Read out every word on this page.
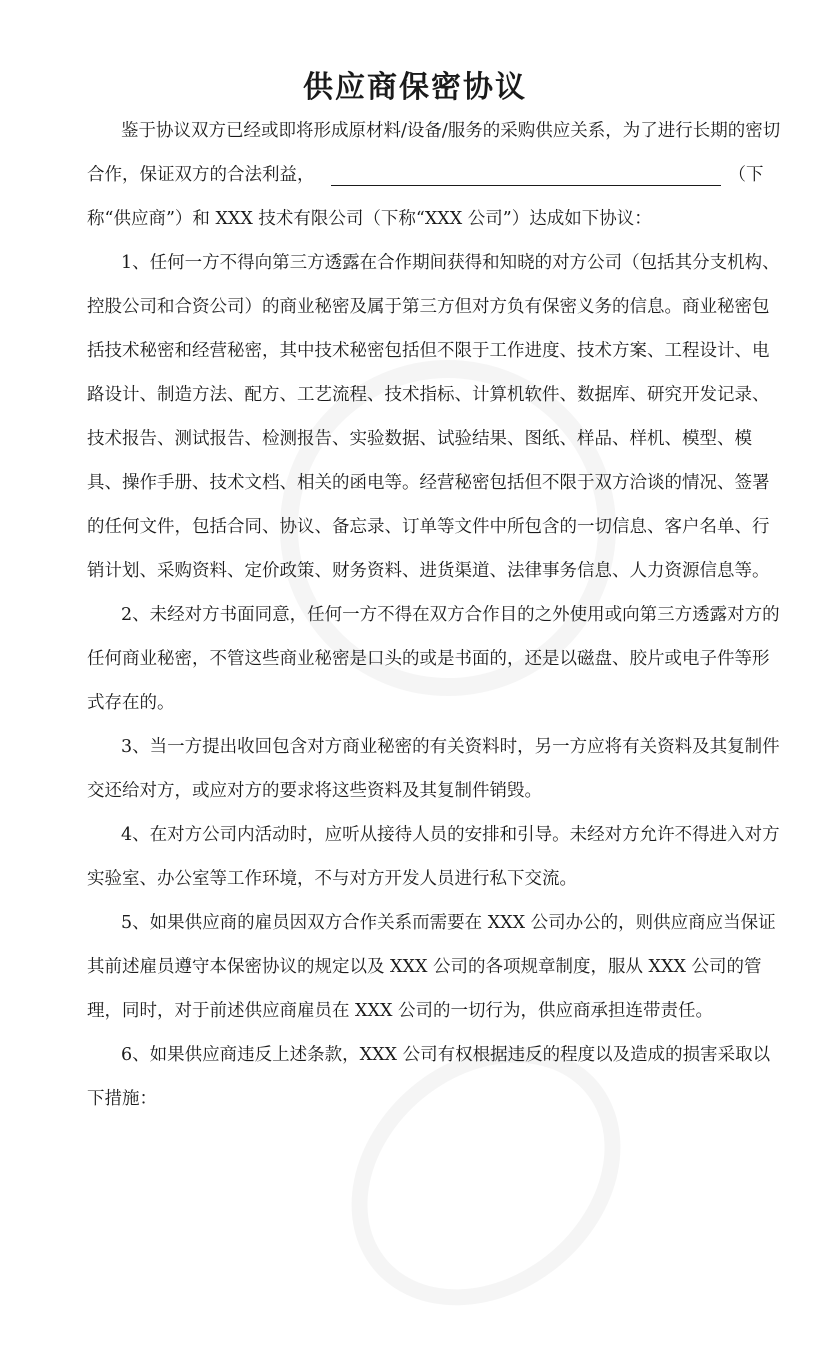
供应商保密协议
鉴于协议双方已经或即将形成原材料/设备/服务的采购供应关系，为了进行长期的密切
合作，保证双方的合法利益，	（下
称“供应商”）和 XXX 技术有限公司（下称“XXX 公司”）达成如下协议：
1、任何一方不得向第三方透露在合作期间获得和知晓的对方公司（包括其分支机构、
控股公司和合资公司）的商业秘密及属于第三方但对方负有保密义务的信息。商业秘密包
括技术秘密和经营秘密，其中技术秘密包括但不限于工作进度、技术方案、工程设计、电
路设计、制造方法、配方、工艺流程、技术指标、计算机软件、数据库、研究开发记录、
技术报告、测试报告、检测报告、实验数据、试验结果、图纸、样品、样机、模型、模
具、操作手册、技术文档、相关的函电等。经营秘密包括但不限于双方洽谈的情况、签署
的任何文件，包括合同、协议、备忘录、订单等文件中所包含的一切信息、客户名单、行
销计划、采购资料、定价政策、财务资料、进货渠道、法律事务信息、人力资源信息等。
2、未经对方书面同意，任何一方不得在双方合作目的之外使用或向第三方透露对方的
任何商业秘密，不管这些商业秘密是口头的或是书面的，还是以磁盘、胶片或电子件等形
式存在的。
3、当一方提出收回包含对方商业秘密的有关资料时，另一方应将有关资料及其复制件
交还给对方，或应对方的要求将这些资料及其复制件销毁。
4、在对方公司内活动时，应听从接待人员的安排和引导。未经对方允许不得进入对方
实验室、办公室等工作环境，不与对方开发人员进行私下交流。
5、如果供应商的雇员因双方合作关系而需要在 XXX 公司办公的，则供应商应当保证
其前述雇员遵守本保密协议的规定以及 XXX 公司的各项规章制度，服从 XXX 公司的管
理，同时，对于前述供应商雇员在 XXX 公司的一切行为，供应商承担连带责任。
6、如果供应商违反上述条款，XXX 公司有权根据违反的程度以及造成的损害采取以
下措施：
